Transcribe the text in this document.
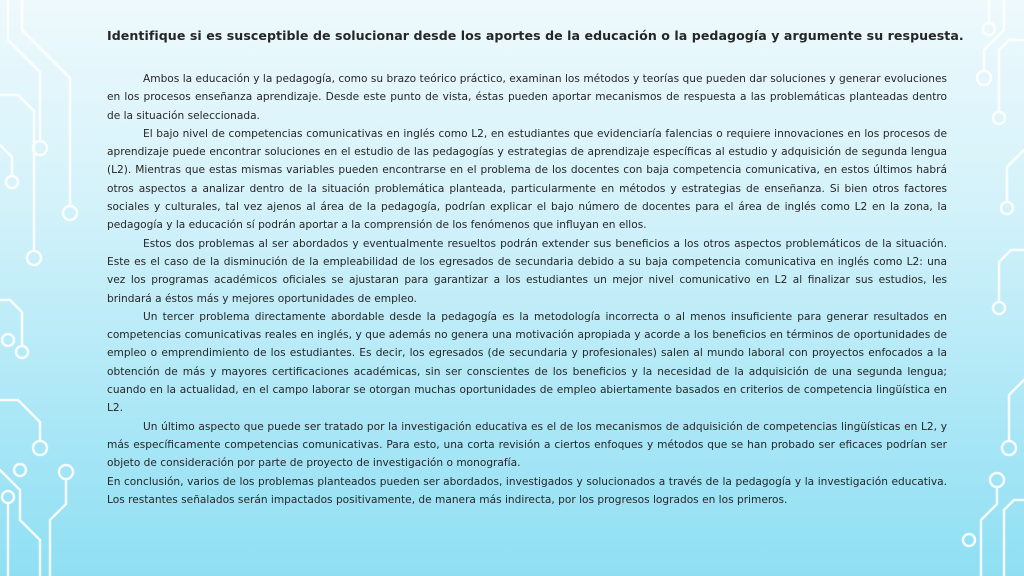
Identifique si es susceptible de solucionar desde los aportes de la educación o la pedagogía y argumente su respuesta.

Ambos la educación y la pedagogía, como su brazo teórico práctico, examinan los métodos y teorías que pueden dar soluciones y generar evoluciones en los procesos enseñanza aprendizaje. Desde este punto de vista, éstas pueden aportar mecanismos de respuesta a las problemáticas planteadas dentro de la situación seleccionada.

El bajo nivel de competencias comunicativas en inglés como L2, en estudiantes que evidenciaría falencias o requiere innovaciones en los procesos de aprendizaje puede encontrar soluciones en el estudio de las pedagogías y estrategias de aprendizaje específicas al estudio y adquisición de segunda lengua (L2). Mientras que estas mismas variables pueden encontrarse en el problema de los docentes con baja competencia comunicativa, en estos últimos habrá otros aspectos a analizar dentro de la situación problemática planteada, particularmente en métodos y estrategias de enseñanza. Si bien otros factores sociales y culturales, tal vez ajenos al área de la pedagogía, podrían explicar el bajo número de docentes para el área de inglés como L2 en la zona, la pedagogía y la educación sí podrán aportar a la comprensión de los fenómenos que influyan en ellos.

Estos dos problemas al ser abordados y eventualmente resueltos podrán extender sus beneficios a los otros aspectos problemáticos de la situación. Este es el caso de la disminución de la empleabilidad de los egresados de secundaria debido a su baja competencia comunicativa en inglés como L2: una vez los programas académicos oficiales se ajustaran para garantizar a los estudiantes un mejor nivel comunicativo en L2 al finalizar sus estudios, les brindará a éstos más y mejores oportunidades de empleo.

Un tercer problema directamente abordable desde la pedagogía es la metodología incorrecta o al menos insuficiente para generar resultados en competencias comunicativas reales en inglés, y que además no genera una motivación apropiada y acorde a los beneficios en términos de oportunidades de empleo o emprendimiento de los estudiantes. Es decir, los egresados (de secundaria y profesionales) salen al mundo laboral con proyectos enfocados a la obtención de más y mayores certificaciones académicas, sin ser conscientes de los beneficios y la necesidad de la adquisición de una segunda lengua; cuando en la actualidad, en el campo laborar se otorgan muchas oportunidades de empleo abiertamente basados en criterios de competencia lingüística en L2.

Un último aspecto que puede ser tratado por la investigación educativa es el de los mecanismos de adquisición de competencias lingüísticas en L2, y más específicamente competencias comunicativas. Para esto, una corta revisión a ciertos enfoques y métodos que se han probado ser eficaces podrían ser objeto de consideración por parte de proyecto de investigación o monografía.

En conclusión, varios de los problemas planteados pueden ser abordados, investigados y solucionados a través de la pedagogía y la investigación educativa. Los restantes señalados serán impactados positivamente, de manera más indirecta, por los progresos logrados en los primeros.
